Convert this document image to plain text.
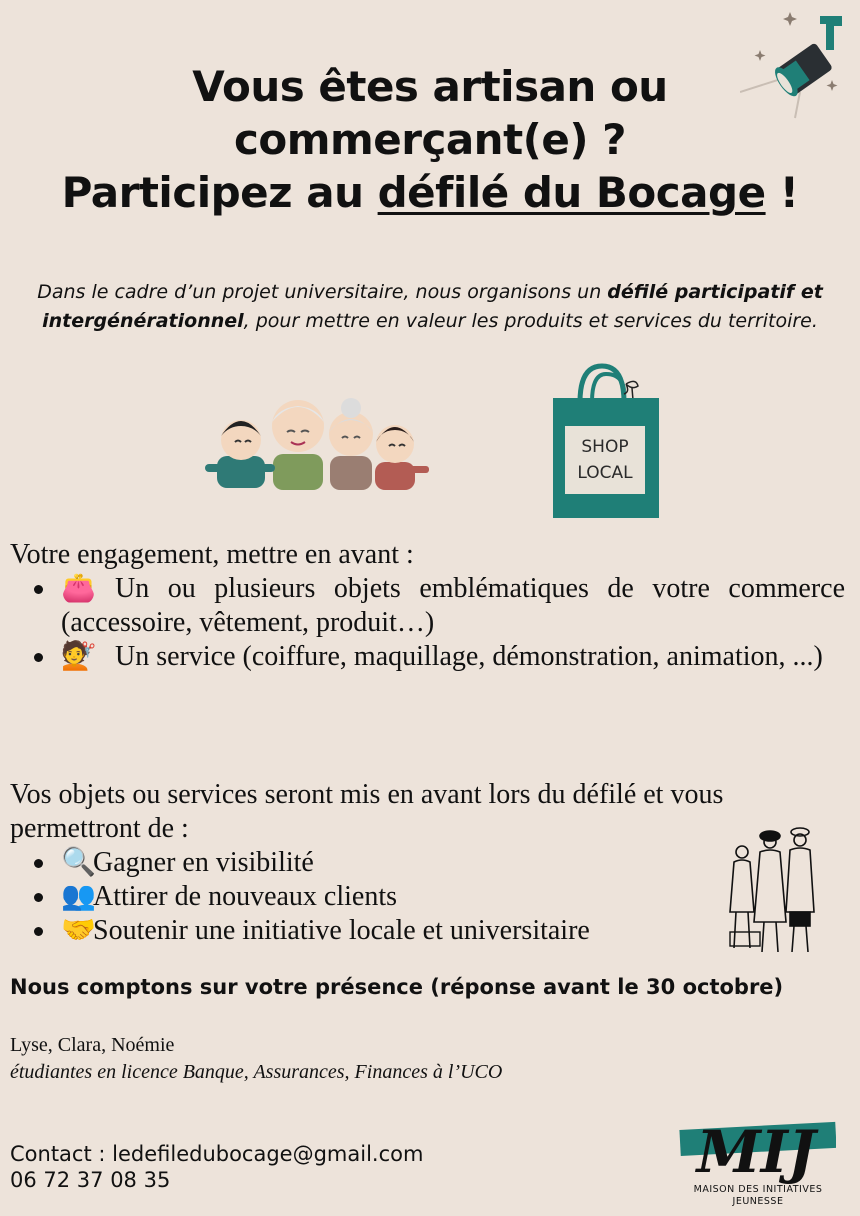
Vous êtes artisan ou
commerçant(e) ?
Participez au défilé du Bocage !
Dans le cadre d’un projet universitaire, nous organisons un défilé participatif et intergénérationnel, pour mettre en valeur les produits et services du territoire.
SHOP
LOCAL
Votre engagement, mettre en avant :
👛 Un ou plusieurs objets emblématiques de votre commerce (accessoire, vêtement, produit…)
💇 Un service (coiffure, maquillage, démonstration, animation, ...)
Vos objets ou services seront mis en avant lors du défilé et vous permettront de :
🔍Gagner en visibilité
👥Attirer de nouveaux clients
🤝Soutenir une initiative locale et universitaire
Nous comptons sur votre présence (réponse avant le 30 octobre)
Lyse, Clara, Noémie
étudiantes en licence Banque, Assurances, Finances à l’UCO
Contact : ledefiledubocage@gmail.com
06 72 37 08 35	MIJ
MAISON DES INITIATIVES
JEUNESSE
